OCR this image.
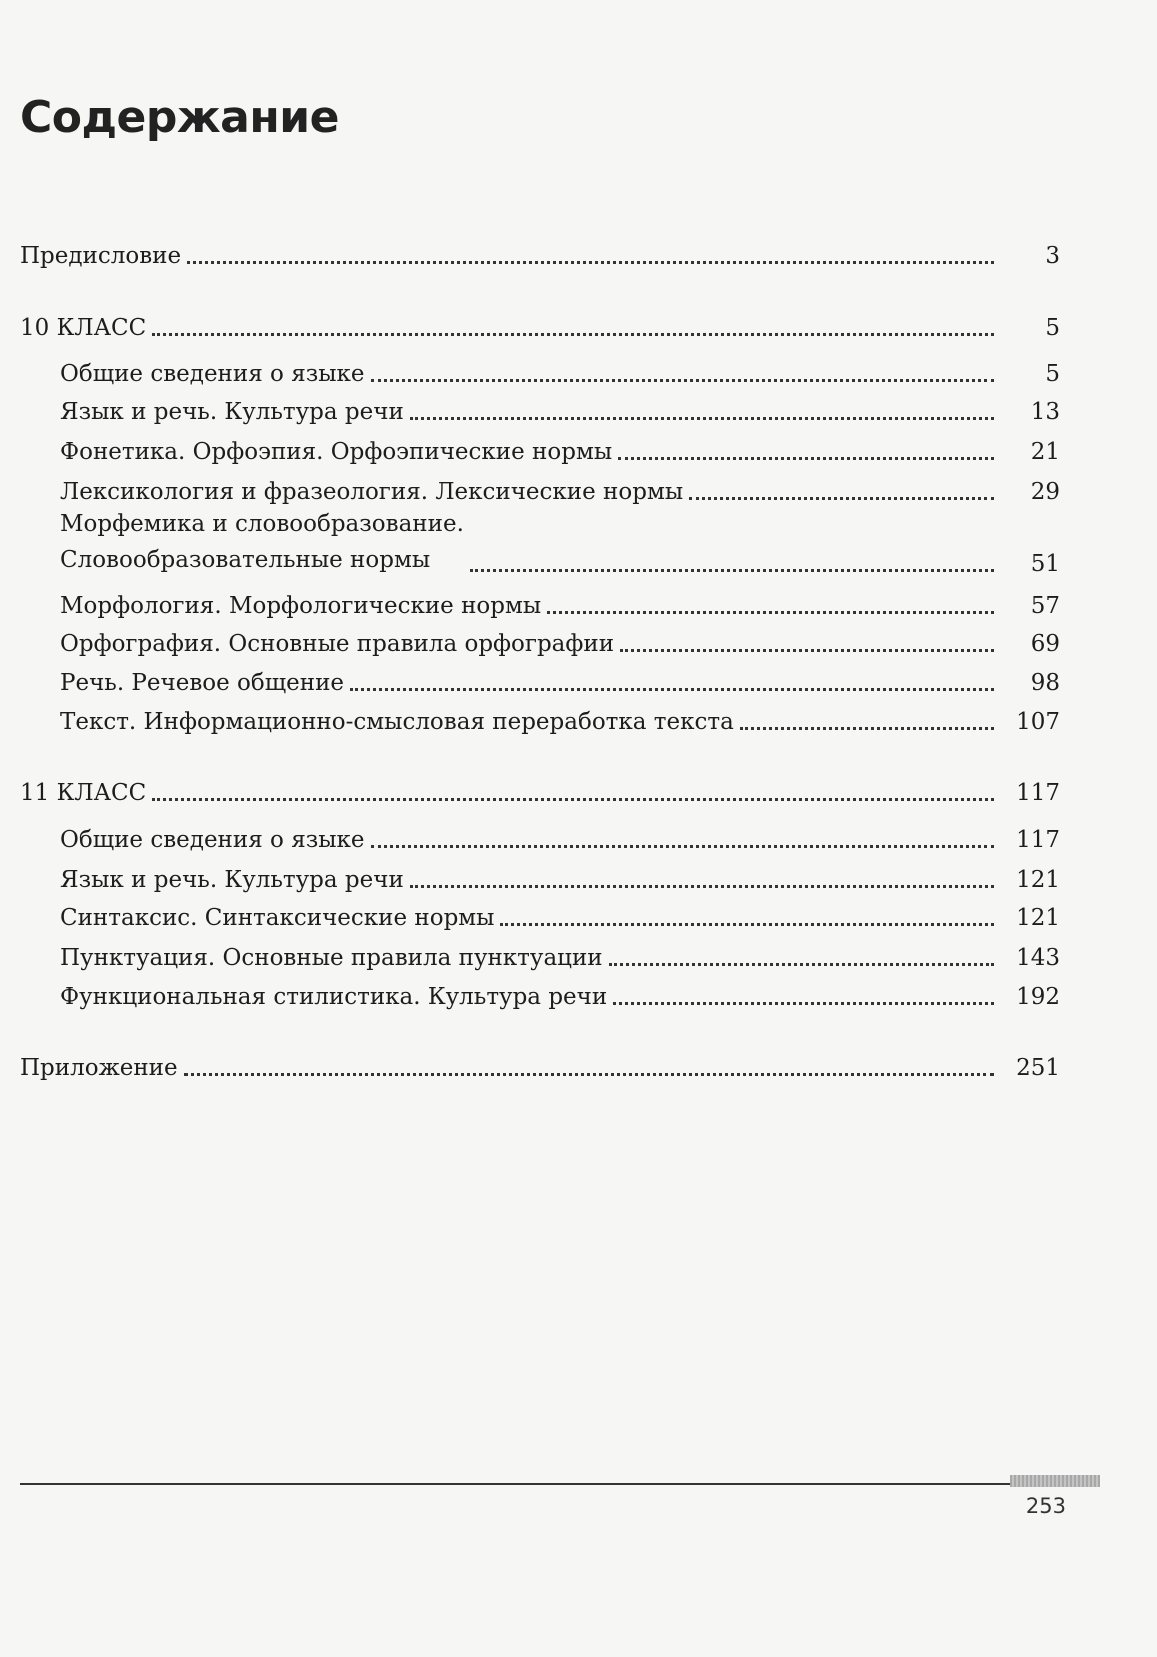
Содержание
Предисловие	3
10 КЛАСС	5
Общие сведения о языке	5
Язык и речь. Культура речи	13
Фонетика. Орфоэпия. Орфоэпические нормы	21
Лексикология и фразеология. Лексические нормы	29
Морфемика и словообразование.
Словообразовательные нормы	51
Морфология. Морфологические нормы	57
Орфография. Основные правила орфографии	69
Речь. Речевое общение	98
Текст. Информационно-смысловая переработка текста	107
11 КЛАСС	117
Общие сведения о языке	117
Язык и речь. Культура речи	121
Синтаксис. Синтаксические нормы	121
Пунктуация. Основные правила пунктуации	143
Функциональная стилистика. Культура речи	192
Приложение	251
253
